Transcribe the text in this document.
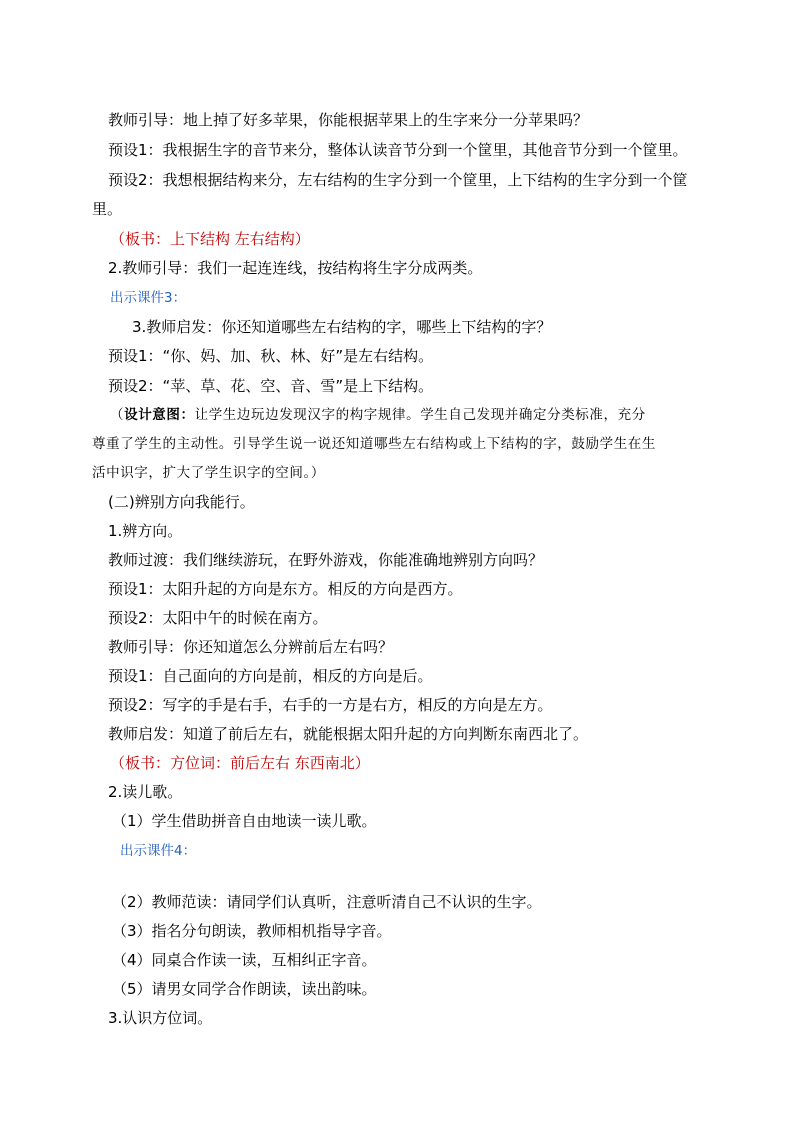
教师引导：地上掉了好多苹果，你能根据苹果上的生字来分一分苹果吗？
预设1：我根据生字的音节来分，整体认读音节分到一个筐里，其他音节分到一个筐里。
预设2：我想根据结构来分，左右结构的生字分到一个筐里，上下结构的生字分到一个筐
里。
（板书：上下结构 左右结构）
2.教师引导：我们一起连连线，按结构将生字分成两类。
出示课件3：
3.教师启发：你还知道哪些左右结构的字，哪些上下结构的字？
预设1：“你、妈、加、秋、林、好”是左右结构。
预设2：“苹、草、花、空、音、雪”是上下结构。
（设计意图：让学生边玩边发现汉字的构字规律。学生自己发现并确定分类标准，充分
尊重了学生的主动性。引导学生说一说还知道哪些左右结构或上下结构的字，鼓励学生在生
活中识字，扩大了学生识字的空间。）
(二)辨别方向我能行。
1.辨方向。
教师过渡：我们继续游玩，在野外游戏，你能准确地辨别方向吗？
预设1：太阳升起的方向是东方。相反的方向是西方。
预设2：太阳中午的时候在南方。
教师引导：你还知道怎么分辨前后左右吗？
预设1：自己面向的方向是前，相反的方向是后。
预设2：写字的手是右手，右手的一方是右方，相反的方向是左方。
教师启发：知道了前后左右，就能根据太阳升起的方向判断东南西北了。
（板书：方位词：前后左右 东西南北）
2.读儿歌。
（1）学生借助拼音自由地读一读儿歌。
出示课件4：
（2）教师范读：请同学们认真听，注意听清自己不认识的生字。
（3）指名分句朗读，教师相机指导字音。
（4）同桌合作读一读，互相纠正字音。
（5）请男女同学合作朗读，读出韵味。
3.认识方位词。
